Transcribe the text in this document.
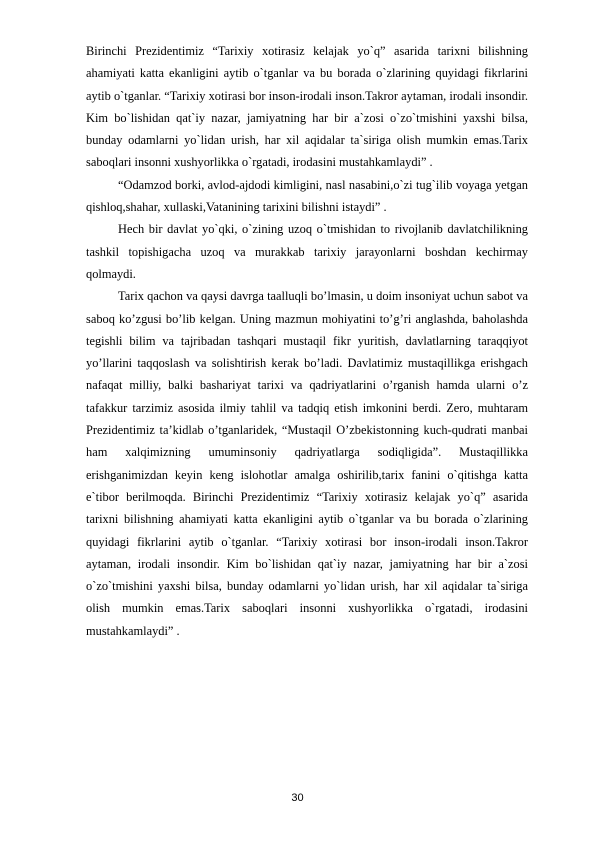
Birinchi Prezidentimiz “Tarixiy xotirasiz kelajak yo`q” asarida tarixni bilishning ahamiyati katta ekanligini aytib o`tganlar va bu borada o`zlarining quyidagi fikrlarini aytib o`tganlar. “Tarixiy xotirasi bor inson-irodali inson.Takror aytaman, irodali insondir. Kim bo`lishidan qat`iy nazar, jamiyatning har bir a`zosi o`zo`tmishini yaxshi bilsa, bunday odamlarni yo`lidan urish, har xil aqidalar ta`siriga olish mumkin emas.Tarix saboqlari insonni xushyorlikka o`rgatadi, irodasini mustahkamlaydi” .

“Odamzod borki, avlod-ajdodi kimligini, nasl nasabini,o`zi tug`ilib voyaga yetgan qishloq,shahar, xullaski,Vatanining tarixini bilishni istaydi” .

Hech bir davlat yo`qki, o`zining uzoq o`tmishidan to rivojlanib davlatchilikning tashkil topishigacha uzoq va murakkab tarixiy jarayonlarni boshdan kechirmay qolmaydi.

Tarix qachon va qaysi davrga taalluqli bo’lmasin, u doim insoniyat uchun sabot va saboq ko’zgusi bo’lib kelgan. Uning mazmun mohiyatini to’g’ri anglashda, baholashda tegishli bilim va tajribadan tashqari mustaqil fikr yuritish, davlatlarning taraqqiyot yo’llarini taqqoslash va solishtirish kerak bo’ladi. Davlatimiz mustaqillikga erishgach nafaqat milliy, balki bashariyat tarixi va qadriyatlarini o’rganish hamda ularni o’z tafakkur tarzimiz asosida ilmiy tahlil va tadqiq etish imkonini berdi. Zero, muhtaram Prezidentimiz ta’kidlab o’tganlaridek, “Mustaqil O’zbekistonning kuch-qudrati manbai ham xalqimizning umuminsoniy qadriyatlarga sodiqligida”. Mustaqillikka erishganimizdan keyin keng islohotlar amalga oshirilib,tarix fanini o`qitishga katta e`tibor berilmoqda. Birinchi Prezidentimiz “Tarixiy xotirasiz kelajak yo`q” asarida tarixni bilishning ahamiyati katta ekanligini aytib o`tganlar va bu borada o`zlarining quyidagi fikrlarini aytib o`tganlar. “Tarixiy xotirasi bor inson-irodali inson.Takror aytaman, irodali insondir. Kim bo`lishidan qat`iy nazar, jamiyatning har bir a`zosi o`zo`tmishini yaxshi bilsa, bunday odamlarni yo`lidan urish, har xil aqidalar ta`siriga olish mumkin emas.Tarix saboqlari insonni xushyorlikka o`rgatadi, irodasini mustahkamlaydi” .

30
